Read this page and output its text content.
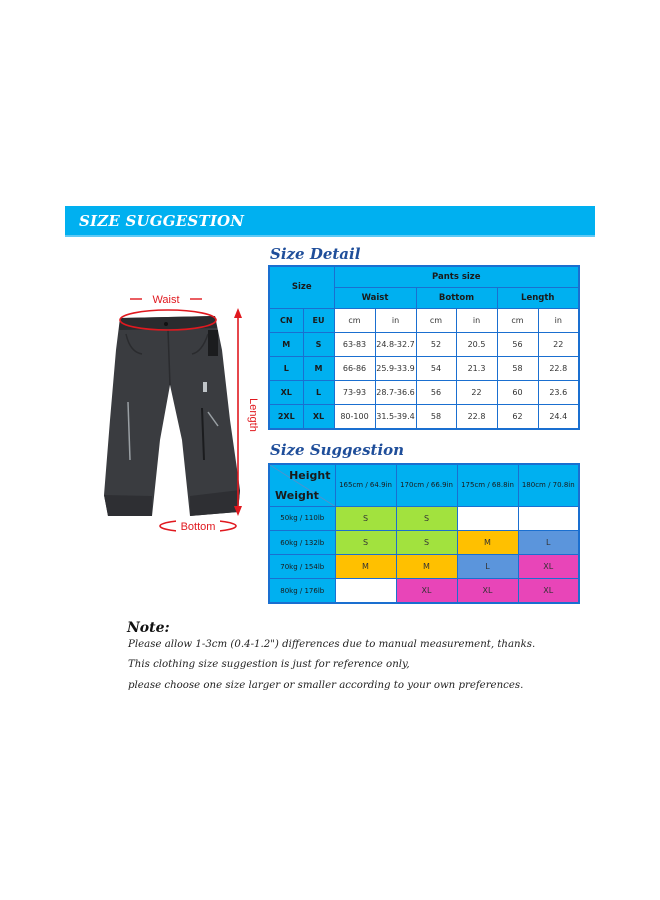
SIZE SUGGESTION
Waist
Length
Bottom
Size Detail
Size		Pants size					
		Waist		Bottom		Length	
CN	EU	cm	in	cm	in	cm	in
M	S	63-83	24.8-32.7	52	20.5	56	22
L	M	66-86	25.9-33.9	54	21.3	58	22.8
XL	L	73-93	28.7-36.6	56	22	60	23.6
2XL	XL	80-100	31.5-39.4	58	22.8	62	24.4
Size Suggestion
Height
Weight	165cm / 64.9in	170cm / 66.9in	175cm / 68.8in	180cm / 70.8in
50kg / 110lb	S	S		
60kg / 132lb	S	S	M	L
70kg / 154lb	M	M	L	XL
80kg / 176lb		XL	XL	XL
Note:
Please allow 1-3cm (0.4-1.2") differences due to manual measurement, thanks.
This clothing size suggestion is just for reference only,
please choose one size larger or smaller according to your own preferences.
